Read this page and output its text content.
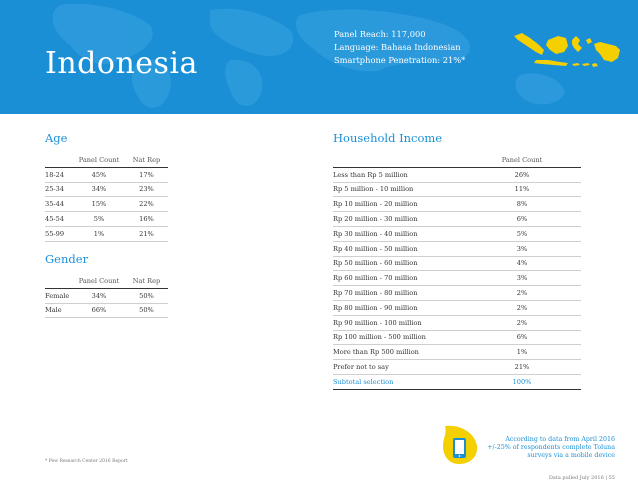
Indonesia
Panel Reach: 117,000
Language: Bahasa Indonesian
Smartphone Penetration: 21%*
Age
	Panel Count	Nat Rep
18-24	45%	17%
25-34	34%	23%
35-44	15%	22%
45-54	5%	16%
55-99	1%	21%
Gender
	Panel Count	Nat Rep
Female	34%	50%
Male	66%	50%
Household Income
	Panel Count
Less than Rp 5 million	26%
Rp 5 million - 10 million	11%
Rp 10 million - 20 million	8%
Rp 20 million - 30 million	6%
Rp 30 million - 40 million	5%
Rp 40 million - 50 million	3%
Rp 50 million - 60 million	4%
Rp 60 million - 70 million	3%
Rp 70 million - 80 million	2%
Rp 80 million - 90 million	2%
Rp 90 million - 100 million	2%
Rp 100 million - 500 million	6%
More than Rp 500 million	1%
Prefer not to say	21%
Subtotal selection	100%
According to data from April 2016
+/-25% of respondents complete Toluna
surveys via a mobile device
* Pew Research Center 2016 Report
Data pulled July 2016 | 55
